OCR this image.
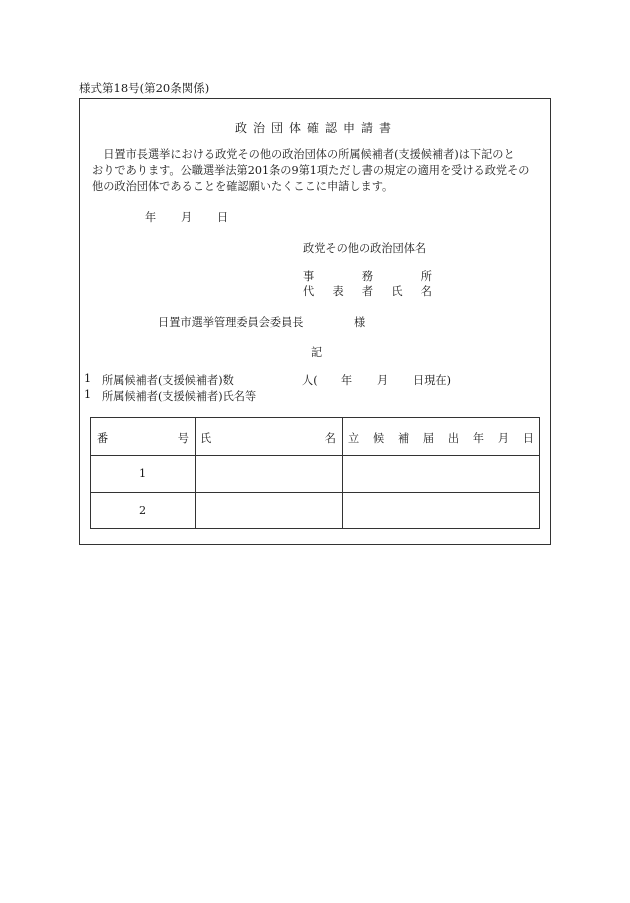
様式第18号(第20条関係)
政治団体確認申請書
日置市長選挙における政党その他の政治団体の所属候補者(支援候補者)は下記のと
おりであります。公職選挙法第201条の9第1項ただし書の規定の適用を受ける政党その
他の政治団体であることを確認願いたくここに申請します。
年 月 日
政党その他の政治団体名
事	務	所
代 表 者 氏 名
日置市選挙管理委員会委員長	様
記
1 所属候補者(支援候補者)数	人( 年 月 日現在)
1 所属候補者(支援候補者)氏名等
番	号 氏	名 立 候 補 届 出 年 月 日
1
2
